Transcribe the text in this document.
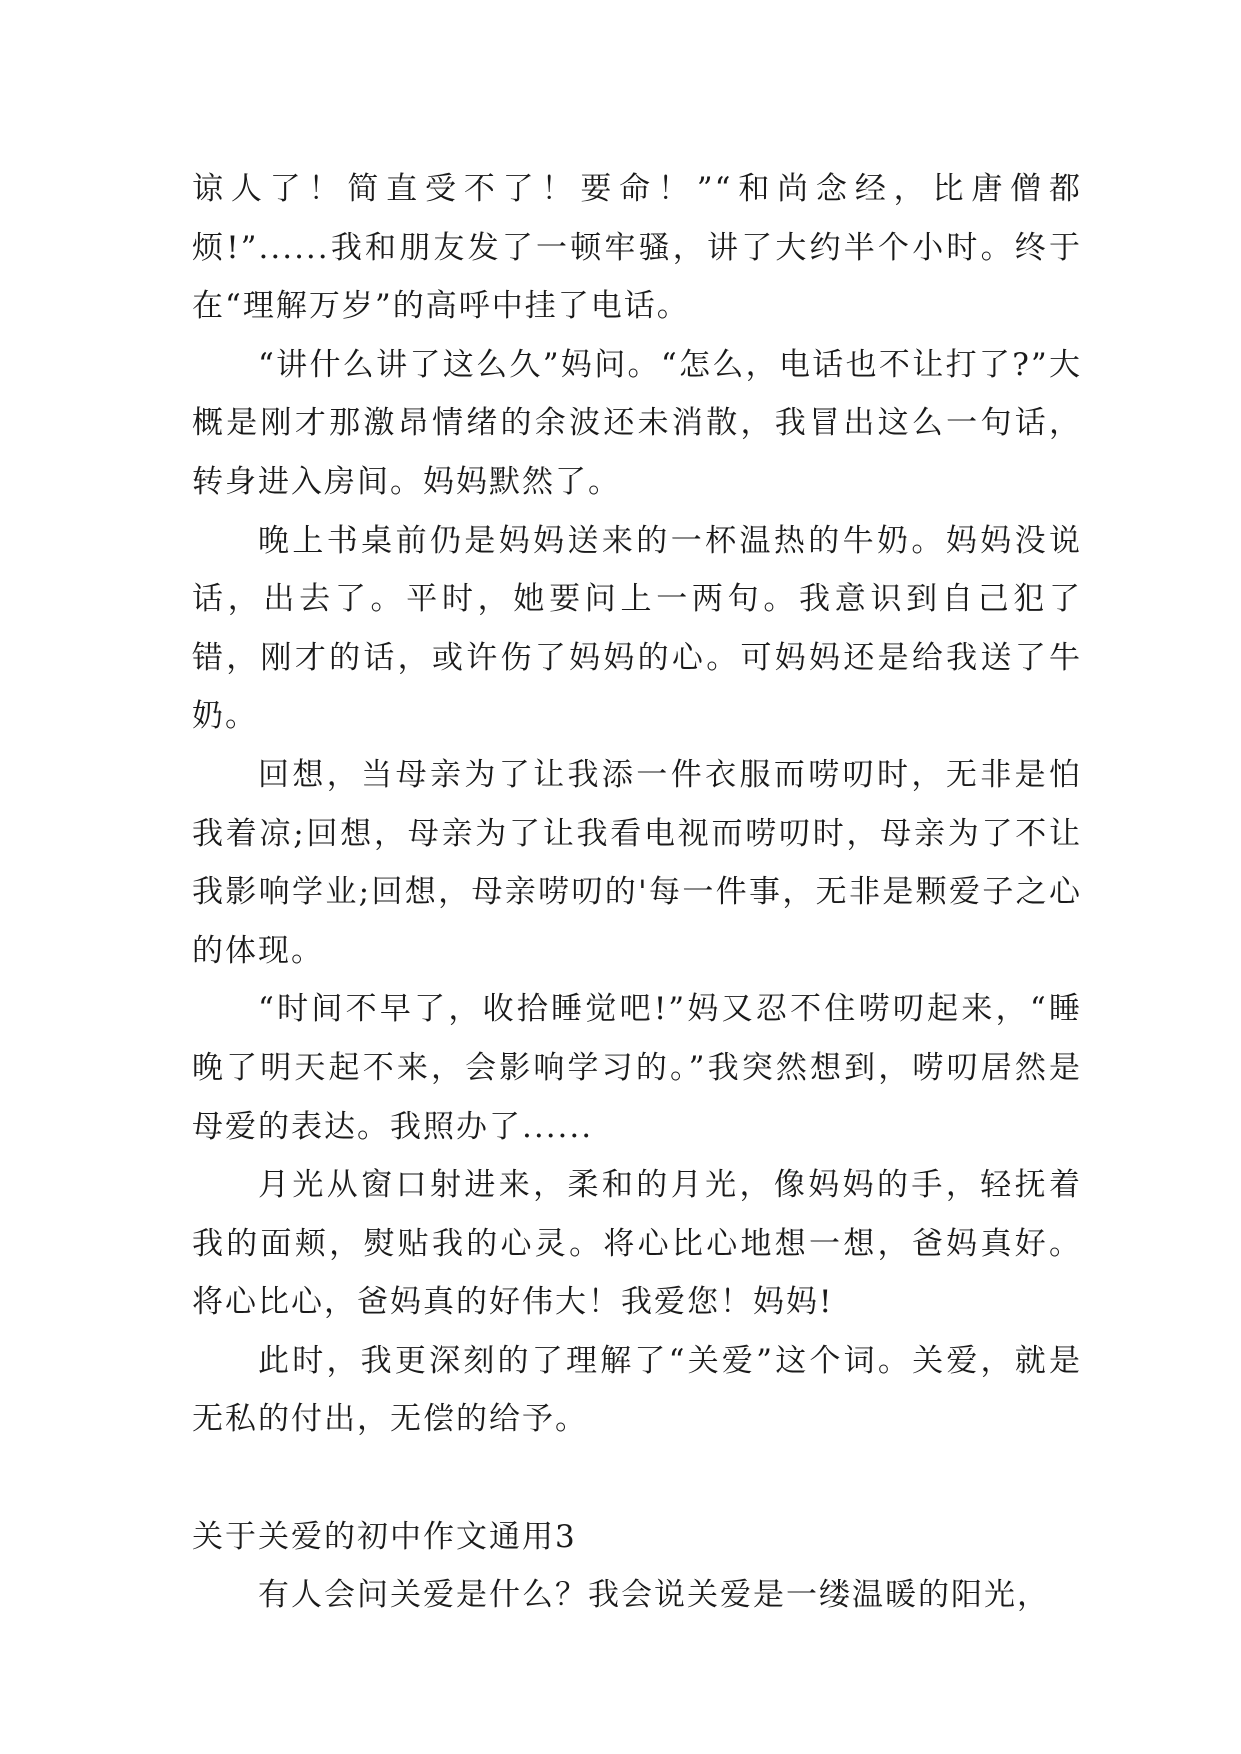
谅人了！简直受不了！要命！”“和尚念经，比唐僧都烦!”......我和朋友发了一顿牢骚，讲了大约半个小时。终于在“理解万岁”的高呼中挂了电话。

“讲什么讲了这么久”妈问。“怎么，电话也不让打了?”大概是刚才那激昂情绪的余波还未消散，我冒出这么一句话，转身进入房间。妈妈默然了。

晚上书桌前仍是妈妈送来的一杯温热的牛奶。妈妈没说话，出去了。平时，她要问上一两句。我意识到自己犯了错，刚才的话，或许伤了妈妈的心。可妈妈还是给我送了牛奶。

回想，当母亲为了让我添一件衣服而唠叨时，无非是怕我着凉;回想，母亲为了让我看电视而唠叨时，母亲为了不让我影响学业;回想，母亲唠叨的'每一件事，无非是颗爱子之心的体现。

“时间不早了，收拾睡觉吧!”妈又忍不住唠叨起来，“睡晚了明天起不来，会影响学习的。”我突然想到，唠叨居然是母爱的表达。我照办了......

月光从窗口射进来，柔和的月光，像妈妈的手，轻抚着我的面颊，熨贴我的心灵。将心比心地想一想，爸妈真好。将心比心，爸妈真的好伟大！我爱您！妈妈!

此时，我更深刻的了理解了“关爱”这个词。关爱，就是无私的付出，无偿的给予。

关于关爱的初中作文通用3

有人会问关爱是什么？我会说关爱是一缕温暖的阳光，
